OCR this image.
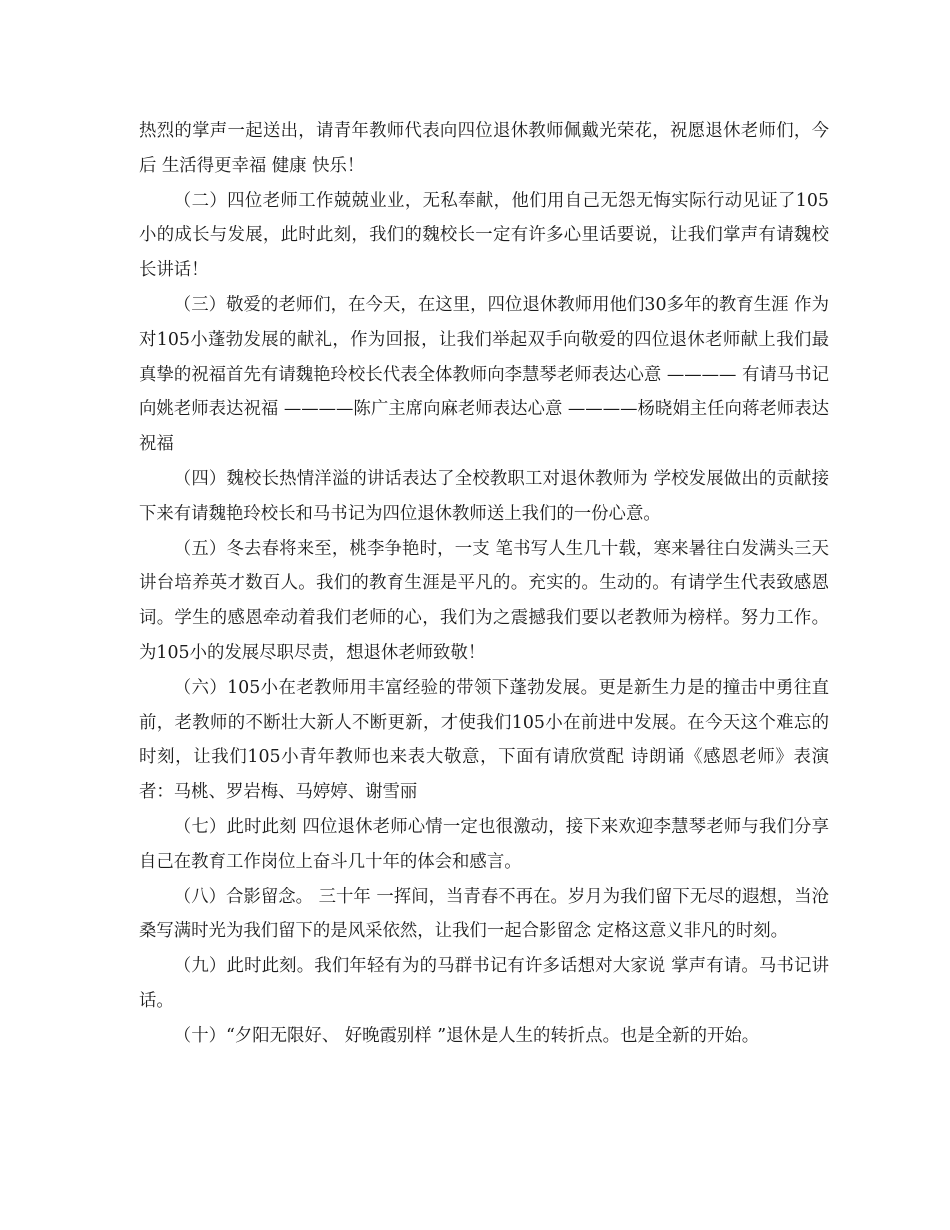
热烈的掌声一起送出，请青年教师代表向四位退休教师佩戴光荣花，祝愿退休老师们，今后 生活得更幸福 健康 快乐！

（二）四位老师工作兢兢业业，无私奉献，他们用自己无怨无悔实际行动见证了105小的成长与发展，此时此刻，我们的魏校长一定有许多心里话要说，让我们掌声有请魏校长讲话！

（三）敬爱的老师们，在今天，在这里，四位退休教师用他们30多年的教育生涯 作为对105小蓬勃发展的献礼，作为回报，让我们举起双手向敬爱的四位退休老师献上我们最真挚的祝福首先有请魏艳玲校长代表全体教师向李慧琴老师表达心意 ———— 有请马书记向姚老师表达祝福 ————陈广主席向麻老师表达心意 ————杨晓娟主任向蒋老师表达祝福

（四）魏校长热情洋溢的讲话表达了全校教职工对退休教师为 学校发展做出的贡献接下来有请魏艳玲校长和马书记为四位退休教师送上我们的一份心意。

（五）冬去春将来至，桃李争艳时，一支 笔书写人生几十载，寒来暑往白发满头三天讲台培养英才数百人。我们的教育生涯是平凡的。充实的。生动的。有请学生代表致感恩词。学生的感恩牵动着我们老师的心，我们为之震撼我们要以老教师为榜样。努力工作。为105小的发展尽职尽责，想退休老师致敬！

（六）105小在老教师用丰富经验的带领下蓬勃发展。更是新生力是的撞击中勇往直前，老教师的不断壮大新人不断更新，才使我们105小在前进中发展。在今天这个难忘的时刻，让我们105小青年教师也来表大敬意，下面有请欣赏配 诗朗诵《感恩老师》表演者：马桃、罗岩梅、马婷婷、谢雪丽

（七）此时此刻 四位退休老师心情一定也很激动，接下来欢迎李慧琴老师与我们分享自己在教育工作岗位上奋斗几十年的体会和感言。

（八）合影留念。 三十年 一挥间，当青春不再在。岁月为我们留下无尽的遐想，当沧桑写满时光为我们留下的是风采依然，让我们一起合影留念 定格这意义非凡的时刻。

（九）此时此刻。我们年轻有为的马群书记有许多话想对大家说 掌声有请。马书记讲话。

（十）“夕阳无限好、 好晚霞别样 ”退休是人生的转折点。也是全新的开始。
